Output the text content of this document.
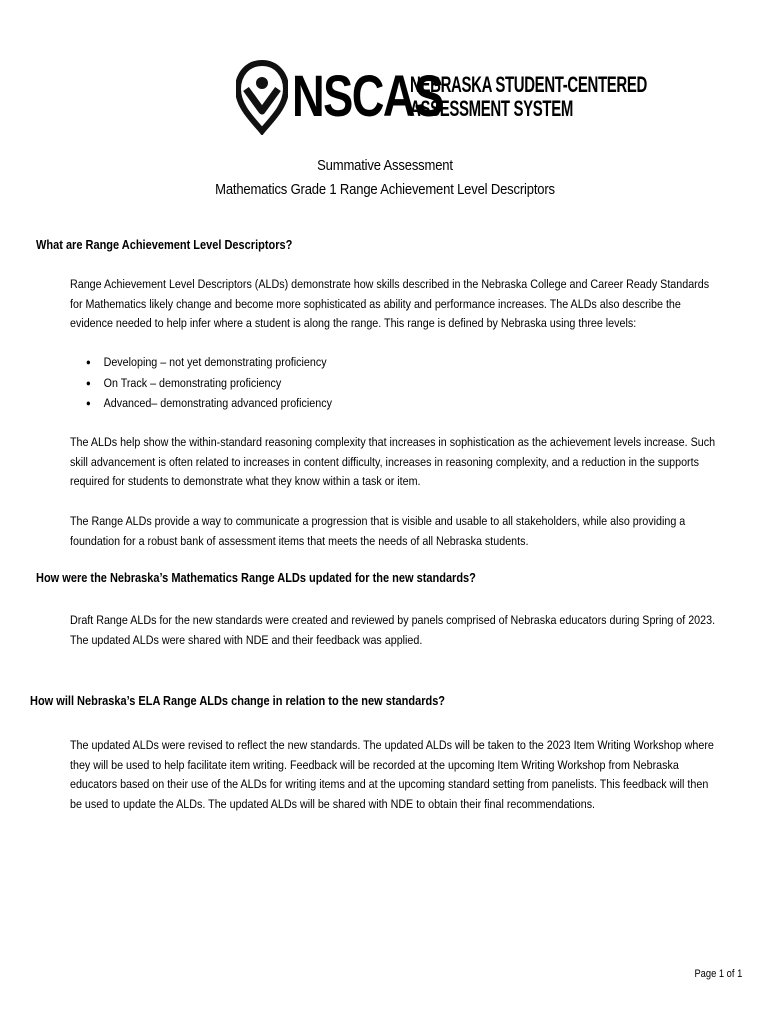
NSCAS
NEBRASKA STUDENT-CENTERED
ASSESSMENT SYSTEM
Summative Assessment
Mathematics Grade 1 Range Achievement Level Descriptors
What are Range Achievement Level Descriptors?
Range Achievement Level Descriptors (ALDs) demonstrate how skills described in the Nebraska College and Career Ready Standards for Mathematics likely change and become more sophisticated as ability and performance increases. The ALDs also describe the evidence needed to help infer where a student is along the range. This range is defined by Nebraska using three levels:
● Developing – not yet demonstrating proficiency
● On Track – demonstrating proficiency
● Advanced– demonstrating advanced proficiency
The ALDs help show the within-standard reasoning complexity that increases in sophistication as the achievement levels increase. Such skill advancement is often related to increases in content difficulty, increases in reasoning complexity, and a reduction in the supports required for students to demonstrate what they know within a task or item.
The Range ALDs provide a way to communicate a progression that is visible and usable to all stakeholders, while also providing a foundation for a robust bank of assessment items that meets the needs of all Nebraska students.
How were the Nebraska’s Mathematics Range ALDs updated for the new standards?
Draft Range ALDs for the new standards were created and reviewed by panels comprised of Nebraska educators during Spring of 2023. The updated ALDs were shared with NDE and their feedback was applied.
How will Nebraska’s ELA Range ALDs change in relation to the new standards?
The updated ALDs were revised to reflect the new standards. The updated ALDs will be taken to the 2023 Item Writing Workshop where they will be used to help facilitate item writing. Feedback will be recorded at the upcoming Item Writing Workshop from Nebraska educators based on their use of the ALDs for writing items and at the upcoming standard setting from panelists. This feedback will then be used to update the ALDs. The updated ALDs will be shared with NDE to obtain their final recommendations.
Page 1 of 1
